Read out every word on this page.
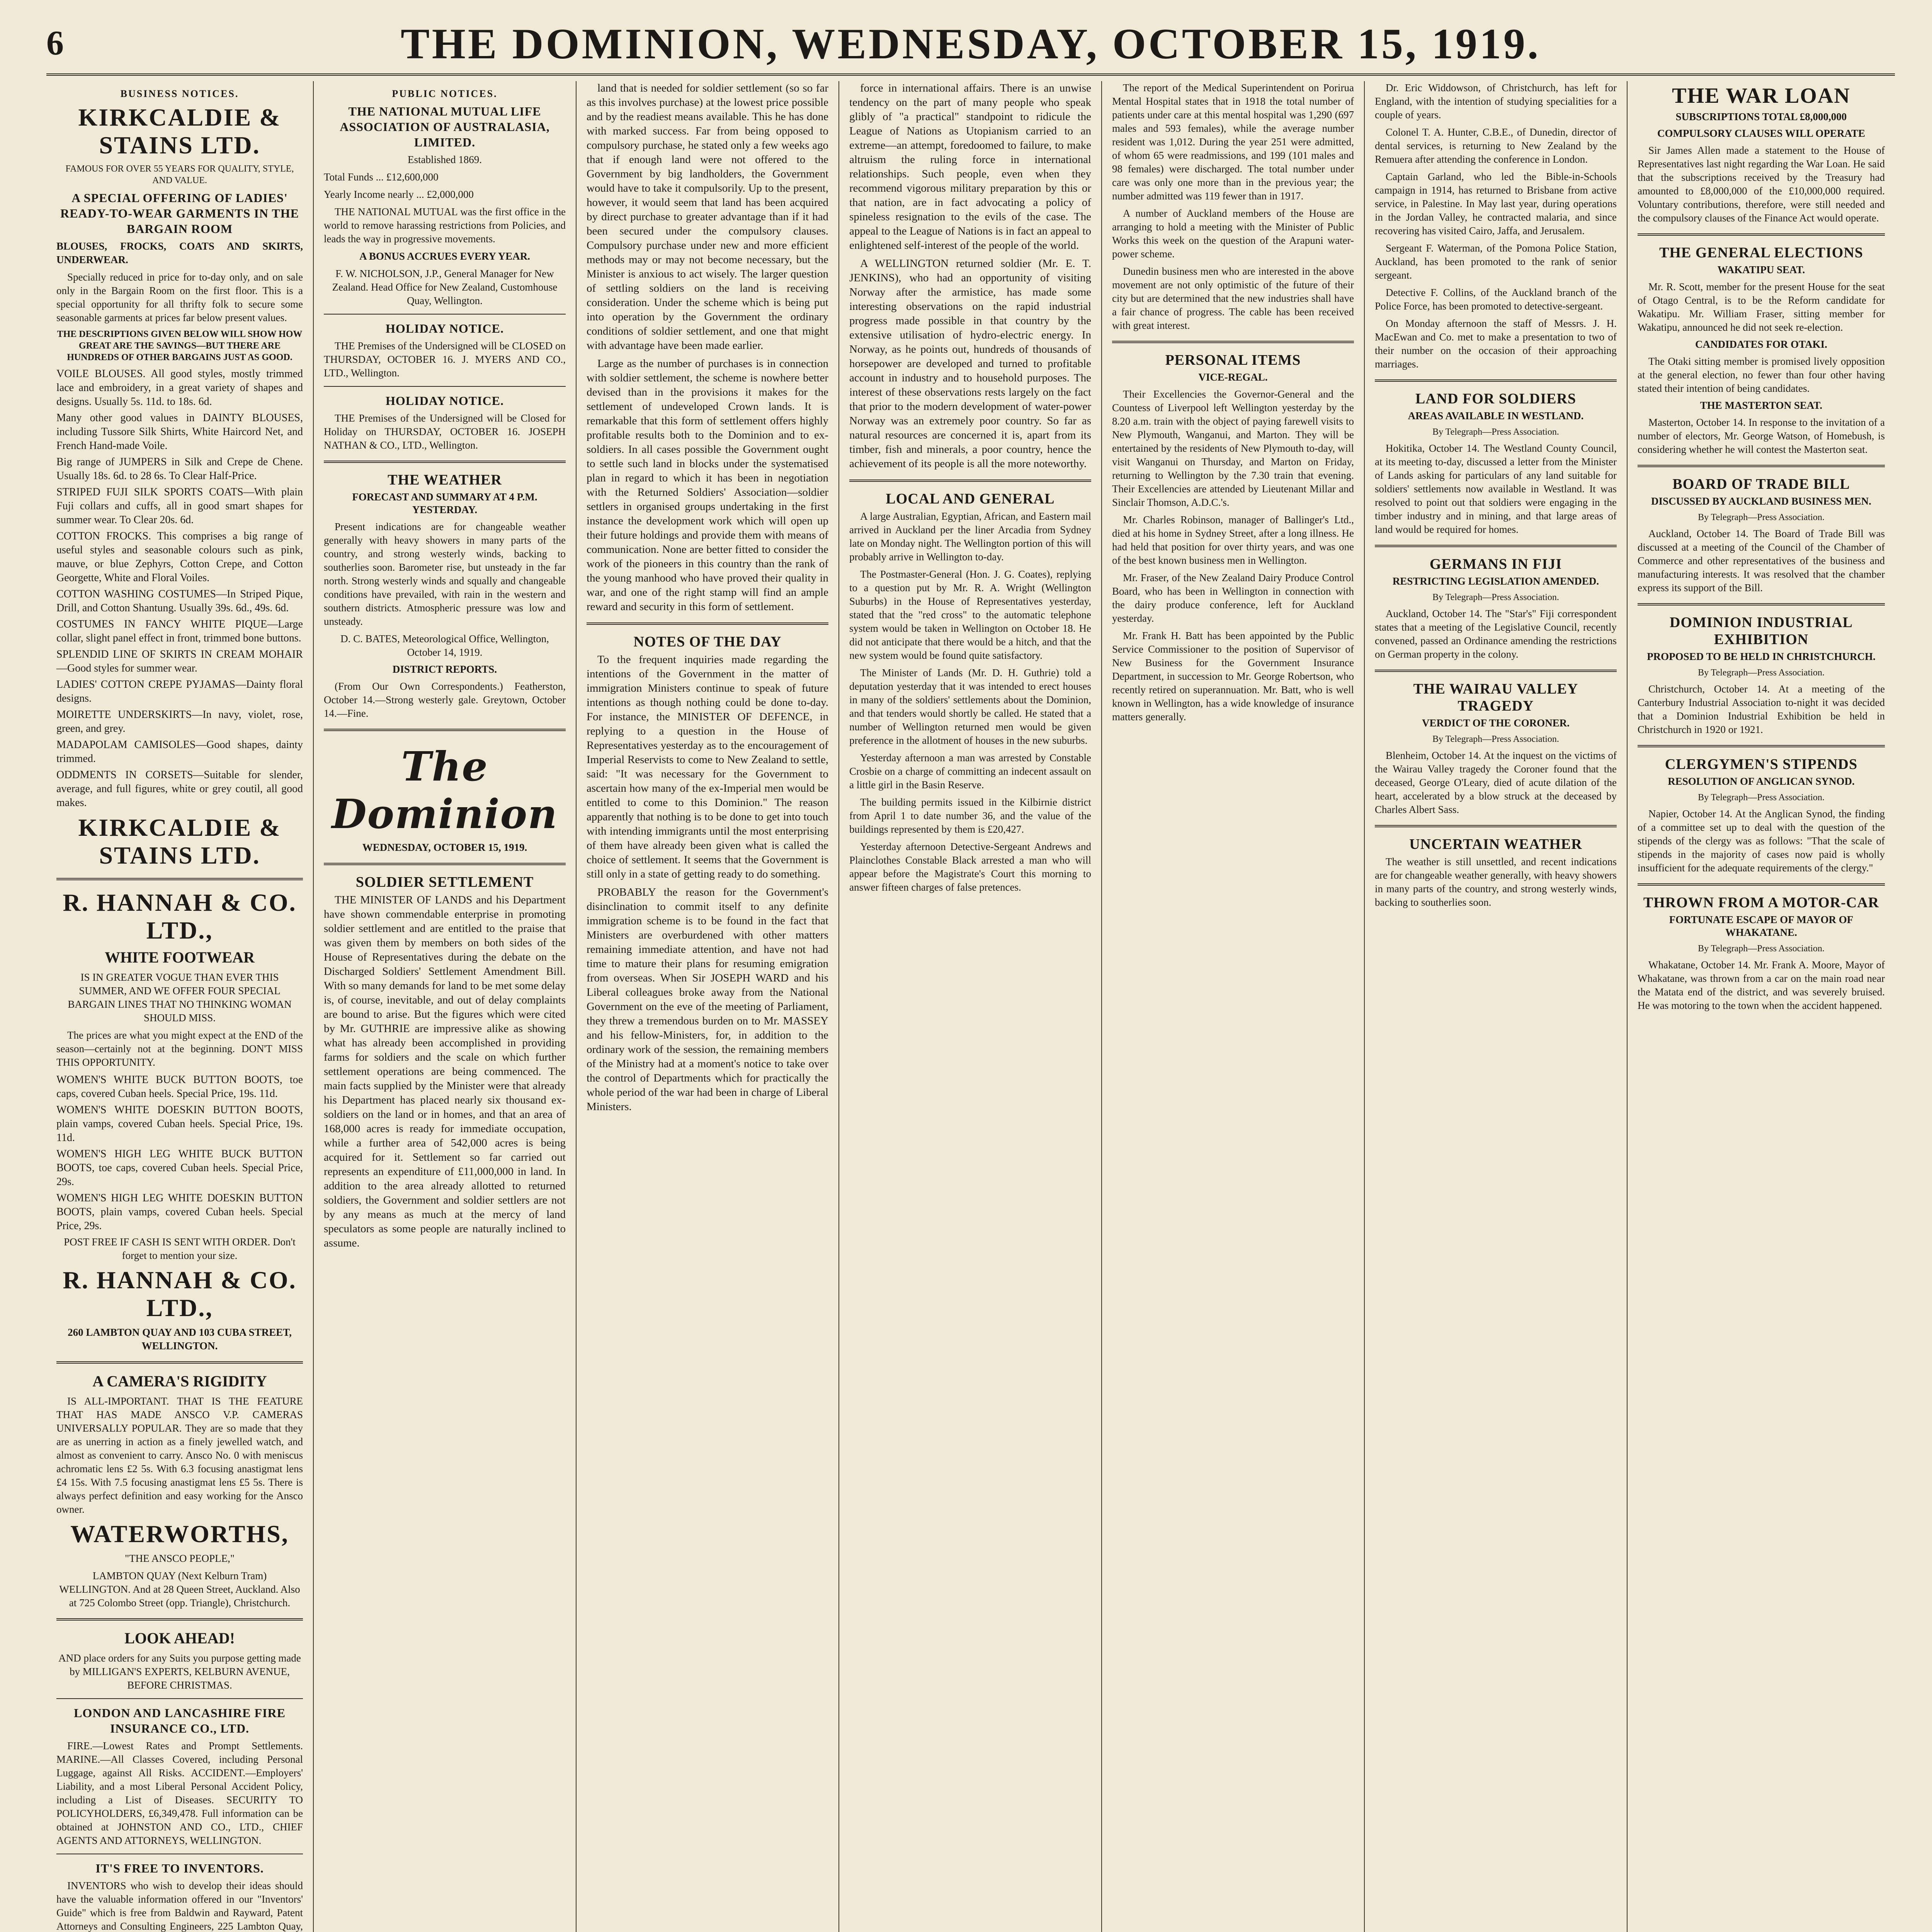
6	THE DOMINION, WEDNESDAY, OCTOBER 15, 1919.
BUSINESS NOTICES.
KIRKCALDIE & STAINS LTD.

FAMOUS FOR OVER 55 YEARS FOR QUALITY, STYLE, AND VALUE.

A SPECIAL OFFERING OF LADIES' READY-TO-WEAR GARMENTS IN THE BARGAIN ROOM

BLOUSES, FROCKS, COATS AND SKIRTS, UNDERWEAR.

Specially reduced in price for to-day only, and on sale only in the Bargain Room on the first floor. This is a special opportunity for all thrifty folk to secure some seasonable garments at prices far below present values.

THE DESCRIPTIONS GIVEN BELOW WILL SHOW HOW GREAT ARE THE SAVINGS—BUT THERE ARE HUNDREDS OF OTHER BARGAINS JUST AS GOOD.

VOILE BLOUSES. All good styles, mostly trimmed lace and embroidery, in a great variety of shapes and designs. Usually 5s. 11d. to 18s. 6d.

Many other good values in DAINTY BLOUSES, including Tussore Silk Shirts, White Haircord Net, and French Hand-made Voile.

Big range of JUMPERS in Silk and Crepe de Chene. Usually 18s. 6d. to 28 6s. To Clear Half-Price.

STRIPED FUJI SILK SPORTS COATS—With plain Fuji collars and cuffs, all in good smart shapes for summer wear. To Clear 20s. 6d.

COTTON FROCKS. This comprises a big range of useful styles and seasonable colours such as pink, mauve, or blue Zephyrs, Cotton Crepe, and Cotton Georgette, White and Floral Voiles.

COTTON WASHING COSTUMES—In Striped Pique, Drill, and Cotton Shantung. Usually 39s. 6d., 49s. 6d.

COSTUMES IN FANCY WHITE PIQUE—Large collar, slight panel effect in front, trimmed bone buttons.

SPLENDID LINE OF SKIRTS IN CREAM MOHAIR—Good styles for summer wear.

LADIES' COTTON CREPE PYJAMAS—Dainty floral designs.

MOIRETTE UNDERSKIRTS—In navy, violet, rose, green, and grey.

MADAPOLAM CAMISOLES—Good shapes, dainty trimmed.

ODDMENTS IN CORSETS—Suitable for slender, average, and full figures, white or grey coutil, all good makes.

KIRKCALDIE & STAINS LTD.
R. HANNAH & CO. LTD.,
WHITE FOOTWEAR

IS IN GREATER VOGUE THAN EVER THIS SUMMER, AND WE OFFER FOUR SPECIAL BARGAIN LINES THAT NO THINKING WOMAN SHOULD MISS.

The prices are what you might expect at the END of the season—certainly not at the beginning. DON'T MISS THIS OPPORTUNITY.

WOMEN'S WHITE BUCK BUTTON BOOTS, toe caps, covered Cuban heels. Special Price, 19s. 11d.

WOMEN'S WHITE DOESKIN BUTTON BOOTS, plain vamps, covered Cuban heels. Special Price, 19s. 11d.

WOMEN'S HIGH LEG WHITE BUCK BUTTON BOOTS, toe caps, covered Cuban heels. Special Price, 29s.

WOMEN'S HIGH LEG WHITE DOESKIN BUTTON BOOTS, plain vamps, covered Cuban heels. Special Price, 29s.

POST FREE IF CASH IS SENT WITH ORDER. Don't forget to mention your size.

R. HANNAH & CO. LTD.,

260 LAMBTON QUAY AND 103 CUBA STREET, WELLINGTON.

A CAMERA'S RIGIDITY

IS ALL-IMPORTANT. THAT IS THE FEATURE THAT HAS MADE ANSCO V.P. CAMERAS UNIVERSALLY POPULAR. They are so made that they are as unerring in action as a finely jewelled watch, and almost as convenient to carry. Ansco No. 0 with meniscus achromatic lens £2 5s. With 6.3 focusing anastigmat lens £4 15s. With 7.5 focusing anastigmat lens £5 5s. There is always perfect definition and easy working for the Ansco owner.

WATERWORTHS,

"THE ANSCO PEOPLE,"

LAMBTON QUAY (Next Kelburn Tram) WELLINGTON. And at 28 Queen Street, Auckland. Also at 725 Colombo Street (opp. Triangle), Christchurch.

LOOK AHEAD!

AND place orders for any Suits you purpose getting made by MILLIGAN'S EXPERTS, KELBURN AVENUE, BEFORE CHRISTMAS.

LONDON AND LANCASHIRE FIRE INSURANCE CO., LTD.

FIRE.—Lowest Rates and Prompt Settlements. MARINE.—All Classes Covered, including Personal Luggage, against All Risks. ACCIDENT.—Employers' Liability, and a most Liberal Personal Accident Policy, including a List of Diseases. SECURITY TO POLICYHOLDERS, £6,349,478. Full information can be obtained at JOHNSTON AND CO., LTD., CHIEF AGENTS AND ATTORNEYS, WELLINGTON.

IT'S FREE TO INVENTORS.

INVENTORS who wish to develop their ideas should have the valuable information offered in our "Inventors' Guide" which is free from Baldwin and Rayward, Patent Attorneys and Consulting Engineers, 225 Lambton Quay,

PUBLIC NOTICES.
THE NATIONAL MUTUAL LIFE ASSOCIATION OF AUSTRALASIA, LIMITED.

Established 1869.

Total Funds ... £12,600,000

Yearly Income nearly ... £2,000,000

THE NATIONAL MUTUAL was the first office in the world to remove harassing restrictions from Policies, and leads the way in progressive movements.

A BONUS ACCRUES EVERY YEAR.

F. W. NICHOLSON, J.P., General Manager for New Zealand. Head Office for New Zealand, Customhouse Quay, Wellington.

HOLIDAY NOTICE.

THE Premises of the Undersigned will be CLOSED on THURSDAY, OCTOBER 16. J. MYERS AND CO., LTD., Wellington.

HOLIDAY NOTICE.

THE Premises of the Undersigned will be Closed for Holiday on THURSDAY, OCTOBER 16. JOSEPH NATHAN & CO., LTD., Wellington.

THE WEATHER

FORECAST AND SUMMARY AT 4 P.M. YESTERDAY.

Present indications are for changeable weather generally with heavy showers in many parts of the country, and strong westerly winds, backing to southerlies soon. Barometer rise, but unsteady in the far north. Strong westerly winds and squally and changeable conditions have prevailed, with rain in the western and southern districts. Atmospheric pressure was low and unsteady.

D. C. BATES, Meteorological Office, Wellington, October 14, 1919.

DISTRICT REPORTS.

(From Our Own Correspondents.) Featherston, October 14.—Strong westerly gale. Greytown, October 14.—Fine.

The Dominion

WEDNESDAY, OCTOBER 15, 1919.

SOLDIER SETTLEMENT

THE MINISTER OF LANDS and his Department have shown commendable enterprise in promoting soldier settlement and are entitled to the praise that was given them by members on both sides of the House of Representatives during the debate on the Discharged Soldiers' Settlement Amendment Bill. With so many demands for land to be met some delay is, of course, inevitable, and out of delay complaints are bound to arise. But the figures which were cited by Mr. GUTHRIE are impressive alike as showing what has already been accomplished in providing farms for soldiers and the scale on which further settlement operations are being commenced. The main facts supplied by the Minister were that already his Department has placed nearly six thousand ex-soldiers on the land or in homes, and that an area of 168,000 acres is ready for immediate occupation, while a further area of 542,000 acres is being acquired for it. Settlement so far carried out represents an expenditure of £11,000,000 in land. In addition to the area already allotted to returned soldiers, the Government and soldier settlers are not by any means as much at the mercy of land speculators as some people are naturally inclined to assume.

land that is needed for soldier settlement (so so far as this involves purchase) at the lowest price possible and by the readiest means available. This he has done with marked success. Far from being opposed to compulsory purchase, he stated only a few weeks ago that if enough land were not offered to the Government by big landholders, the Government would have to take it compulsorily. Up to the present, however, it would seem that land has been acquired by direct purchase to greater advantage than if it had been secured under the compulsory clauses. Compulsory purchase under new and more efficient methods may or may not become necessary, but the Minister is anxious to act wisely. The larger question of settling soldiers on the land is receiving consideration. Under the scheme which is being put into operation by the Government the ordinary conditions of soldier settlement, and one that might with advantage have been made earlier.

Large as the number of purchases is in connection with soldier settlement, the scheme is nowhere better devised than in the provisions it makes for the settlement of undeveloped Crown lands. It is remarkable that this form of settlement offers highly profitable results both to the Dominion and to ex-soldiers. In all cases possible the Government ought to settle such land in blocks under the systematised plan in regard to which it has been in negotiation with the Returned Soldiers' Association—soldier settlers in organised groups undertaking in the first instance the development work which will open up their future holdings and provide them with means of communication. None are better fitted to consider the work of the pioneers in this country than the rank of the young manhood who have proved their quality in war, and one of the right stamp will find an ample reward and security in this form of settlement.

NOTES OF THE DAY

To the frequent inquiries made regarding the intentions of the Government in the matter of immigration Ministers continue to speak of future intentions as though nothing could be done to-day. For instance, the MINISTER OF DEFENCE, in replying to a question in the House of Representatives yesterday as to the encouragement of Imperial Reservists to come to New Zealand to settle, said: "It was necessary for the Government to ascertain how many of the ex-Imperial men would be entitled to come to this Dominion." The reason apparently that nothing is to be done to get into touch with intending immigrants until the most enterprising of them have already been given what is called the choice of settlement. It seems that the Government is still only in a state of getting ready to do something.

PROBABLY the reason for the Government's disinclination to commit itself to any definite immigration scheme is to be found in the fact that Ministers are overburdened with other matters remaining immediate attention, and have not had time to mature their plans for resuming emigration from overseas. When Sir JOSEPH WARD and his Liberal colleagues broke away from the National Government on the eve of the meeting of Parliament, they threw a tremendous burden on to Mr. MASSEY and his fellow-Ministers, for, in addition to the ordinary work of the session, the remaining members of the Ministry had at a moment's notice to take over the control of Departments which for practically the whole period of the war had been in charge of Liberal Ministers.

force in international affairs. There is an unwise tendency on the part of many people who speak glibly of "a practical" standpoint to ridicule the League of Nations as Utopianism carried to an extreme—an attempt, foredoomed to failure, to make altruism the ruling force in international relationships. Such people, even when they recommend vigorous military preparation by this or that nation, are in fact advocating a policy of spineless resignation to the evils of the case. The appeal to the League of Nations is in fact an appeal to enlightened self-interest of the people of the world.

A WELLINGTON returned soldier (Mr. E. T. JENKINS), who had an opportunity of visiting Norway after the armistice, has made some interesting observations on the rapid industrial progress made possible in that country by the extensive utilisation of hydro-electric energy. In Norway, as he points out, hundreds of thousands of horsepower are developed and turned to profitable account in industry and to household purposes. The interest of these observations rests largely on the fact that prior to the modern development of water-power Norway was an extremely poor country. So far as natural resources are concerned it is, apart from its timber, fish and minerals, a poor country, hence the achievement of its people is all the more noteworthy.

LOCAL AND GENERAL

A large Australian, Egyptian, African, and Eastern mail arrived in Auckland per the liner Arcadia from Sydney late on Monday night. The Wellington portion of this will probably arrive in Wellington to-day.

The Postmaster-General (Hon. J. G. Coates), replying to a question put by Mr. R. A. Wright (Wellington Suburbs) in the House of Representatives yesterday, stated that the "red cross" to the automatic telephone system would be taken in Wellington on October 18. He did not anticipate that there would be a hitch, and that the new system would be found quite satisfactory.

The Minister of Lands (Mr. D. H. Guthrie) told a deputation yesterday that it was intended to erect houses in many of the soldiers' settlements about the Dominion, and that tenders would shortly be called. He stated that a number of Wellington returned men would be given preference in the allotment of houses in the new suburbs.

Yesterday afternoon a man was arrested by Constable Crosbie on a charge of committing an indecent assault on a little girl in the Basin Reserve.

The building permits issued in the Kilbirnie district from April 1 to date number 36, and the value of the buildings represented by them is £20,427.

Yesterday afternoon Detective-Sergeant Andrews and Plainclothes Constable Black arrested a man who will appear before the Magistrate's Court this morning to answer fifteen charges of false pretences.

The report of the Medical Superintendent on Porirua Mental Hospital states that in 1918 the total number of patients under care at this mental hospital was 1,290 (697 males and 593 females), while the average number resident was 1,012. During the year 251 were admitted, of whom 65 were readmissions, and 199 (101 males and 98 females) were discharged. The total number under care was only one more than in the previous year; the number admitted was 119 fewer than in 1917.

A number of Auckland members of the House are arranging to hold a meeting with the Minister of Public Works this week on the question of the Arapuni water-power scheme.

Dunedin business men who are interested in the above movement are not only optimistic of the future of their city but are determined that the new industries shall have a fair chance of progress. The cable has been received with great interest.

PERSONAL ITEMS

VICE-REGAL.

Their Excellencies the Governor-General and the Countess of Liverpool left Wellington yesterday by the 8.20 a.m. train with the object of paying farewell visits to New Plymouth, Wanganui, and Marton. They will be entertained by the residents of New Plymouth to-day, will visit Wanganui on Thursday, and Marton on Friday, returning to Wellington by the 7.30 train that evening. Their Excellencies are attended by Lieutenant Millar and Sinclair Thomson, A.D.C.'s.

Mr. Charles Robinson, manager of Ballinger's Ltd., died at his home in Sydney Street, after a long illness. He had held that position for over thirty years, and was one of the best known business men in Wellington.

Mr. Fraser, of the New Zealand Dairy Produce Control Board, who has been in Wellington in connection with the dairy produce conference, left for Auckland yesterday.

Mr. Frank H. Batt has been appointed by the Public Service Commissioner to the position of Supervisor of New Business for the Government Insurance Department, in succession to Mr. George Robertson, who recently retired on superannuation. Mr. Batt, who is well known in Wellington, has a wide knowledge of insurance matters generally.

Dr. Eric Widdowson, of Christchurch, has left for England, with the intention of studying specialities for a couple of years.

Colonel T. A. Hunter, C.B.E., of Dunedin, director of dental services, is returning to New Zealand by the Remuera after attending the conference in London.

Captain Garland, who led the Bible-in-Schools campaign in 1914, has returned to Brisbane from active service, in Palestine. In May last year, during operations in the Jordan Valley, he contracted malaria, and since recovering has visited Cairo, Jaffa, and Jerusalem.

Sergeant F. Waterman, of the Pomona Police Station, Auckland, has been promoted to the rank of senior sergeant.

Detective F. Collins, of the Auckland branch of the Police Force, has been promoted to detective-sergeant.

On Monday afternoon the staff of Messrs. J. H. MacEwan and Co. met to make a presentation to two of their number on the occasion of their approaching marriages.

LAND FOR SOLDIERS

AREAS AVAILABLE IN WESTLAND.

By Telegraph—Press Association.

Hokitika, October 14. The Westland County Council, at its meeting to-day, discussed a letter from the Minister of Lands asking for particulars of any land suitable for soldiers' settlements now available in Westland. It was resolved to point out that soldiers were engaging in the timber industry and in mining, and that large areas of land would be required for homes.

GERMANS IN FIJI

RESTRICTING LEGISLATION AMENDED.

By Telegraph—Press Association.

Auckland, October 14. The "Star's" Fiji correspondent states that a meeting of the Legislative Council, recently convened, passed an Ordinance amending the restrictions on German property in the colony.

THE WAIRAU VALLEY TRAGEDY

VERDICT OF THE CORONER.

By Telegraph—Press Association.

Blenheim, October 14. At the inquest on the victims of the Wairau Valley tragedy the Coroner found that the deceased, George O'Leary, died of acute dilation of the heart, accelerated by a blow struck at the deceased by Charles Albert Sass.

UNCERTAIN WEATHER

The weather is still unsettled, and recent indications are for changeable weather generally, with heavy showers in many parts of the country, and strong westerly winds, backing to southerlies soon.

THE WAR LOAN

SUBSCRIPTIONS TOTAL £8,000,000

COMPULSORY CLAUSES WILL OPERATE

Sir James Allen made a statement to the House of Representatives last night regarding the War Loan. He said that the subscriptions received by the Treasury had amounted to £8,000,000 of the £10,000,000 required. Voluntary contributions, therefore, were still needed and the compulsory clauses of the Finance Act would operate.

THE GENERAL ELECTIONS

WAKATIPU SEAT.

Mr. R. Scott, member for the present House for the seat of Otago Central, is to be the Reform candidate for Wakatipu. Mr. William Fraser, sitting member for Wakatipu, announced he did not seek re-election.

CANDIDATES FOR OTAKI.

The Otaki sitting member is promised lively opposition at the general election, no fewer than four other having stated their intention of being candidates.

THE MASTERTON SEAT.

Masterton, October 14. In response to the invitation of a number of electors, Mr. George Watson, of Homebush, is considering whether he will contest the Masterton seat.

BOARD OF TRADE BILL

DISCUSSED BY AUCKLAND BUSINESS MEN.

By Telegraph—Press Association.

Auckland, October 14. The Board of Trade Bill was discussed at a meeting of the Council of the Chamber of Commerce and other representatives of the business and manufacturing interests. It was resolved that the chamber express its support of the Bill.

DOMINION INDUSTRIAL EXHIBITION

PROPOSED TO BE HELD IN CHRISTCHURCH.

By Telegraph—Press Association.

Christchurch, October 14. At a meeting of the Canterbury Industrial Association to-night it was decided that a Dominion Industrial Exhibition be held in Christchurch in 1920 or 1921.

CLERGYMEN'S STIPENDS

RESOLUTION OF ANGLICAN SYNOD.

By Telegraph—Press Association.

Napier, October 14. At the Anglican Synod, the finding of a committee set up to deal with the question of the stipends of the clergy was as follows: "That the scale of stipends in the majority of cases now paid is wholly insufficient for the adequate requirements of the clergy."

THROWN FROM A MOTOR-CAR

FORTUNATE ESCAPE OF MAYOR OF WHAKATANE.

By Telegraph—Press Association.

Whakatane, October 14. Mr. Frank A. Moore, Mayor of Whakatane, was thrown from a car on the main road near the Matata end of the district, and was severely bruised. He was motoring to the town when the accident happened.
